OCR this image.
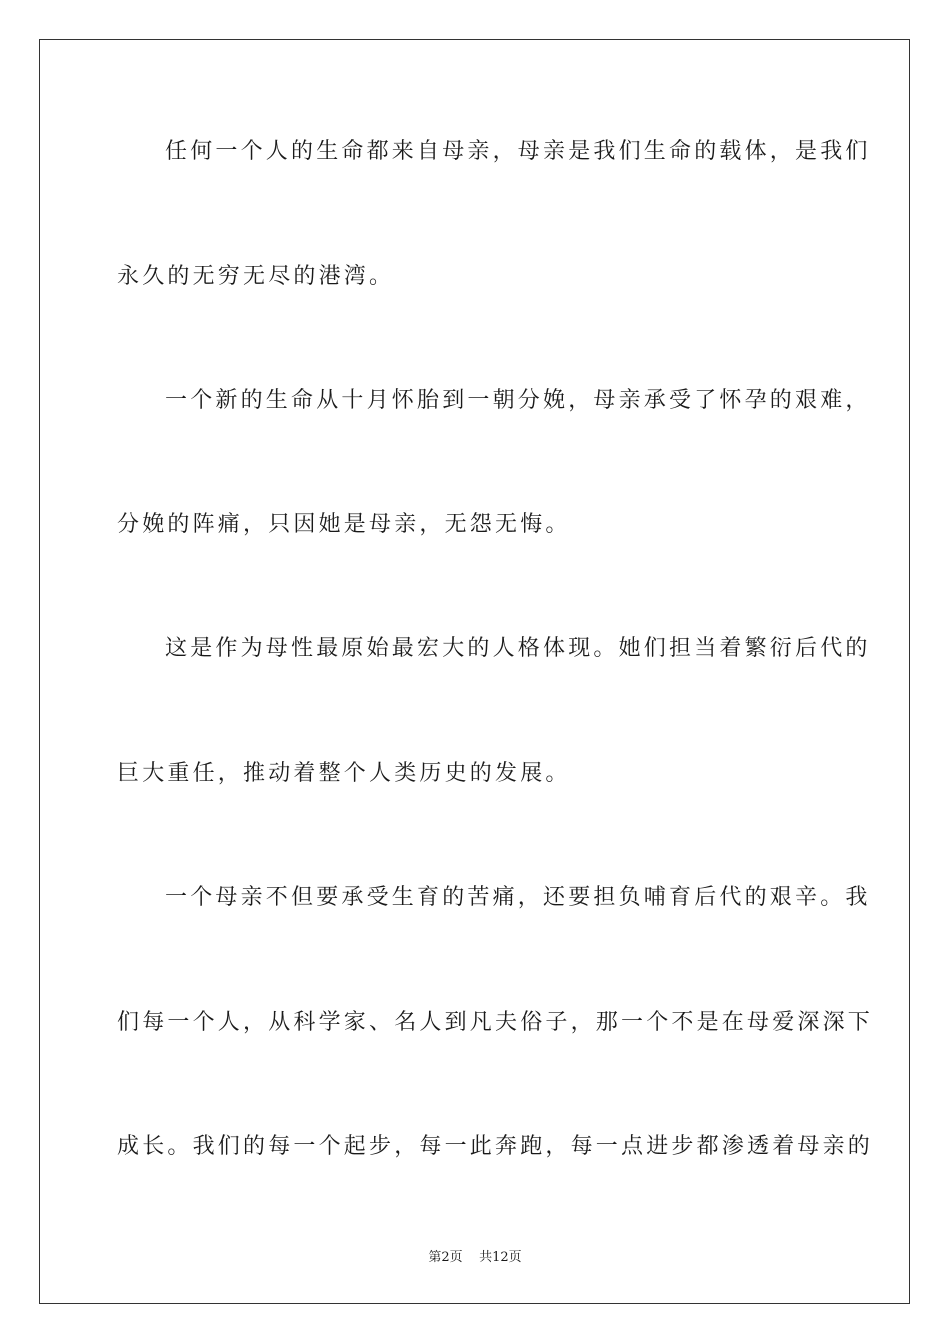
任何一个人的生命都来自母亲，母亲是我们生命的载体，是我们
永久的无穷无尽的港湾。
一个新的生命从十月怀胎到一朝分娩，母亲承受了怀孕的艰难，
分娩的阵痛，只因她是母亲，无怨无悔。
这是作为母性最原始最宏大的人格体现。她们担当着繁衍后代的
巨大重任，推动着整个人类历史的发展。
一个母亲不但要承受生育的苦痛，还要担负哺育后代的艰辛。我
们每一个人，从科学家、名人到凡夫俗子，那一个不是在母爱深深下
成长。我们的每一个起步，每一此奔跑，每一点进步都渗透着母亲的
第2页 共12页
